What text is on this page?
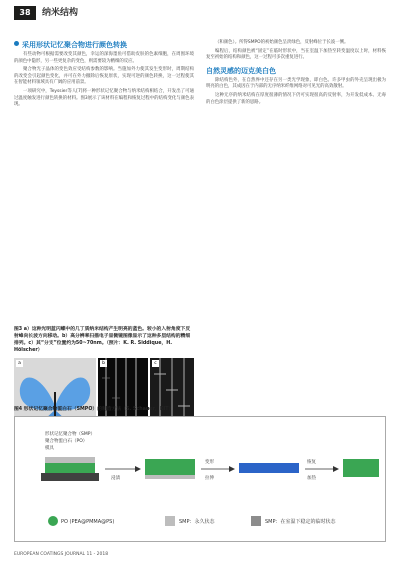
38	纳米结构
采用形状记忆聚合物进行颜色转换

有些动物可根据需要改变其颜色，幸运的深海墨鱼可借助皮肤的色素细胞，在周围环境的颜色中隐形，另一些更复杂的变色，则需要较为精细的反应。

聚合物光子晶体的变色效应受结构参数的影响。当施加外力使其发生变形时，周期结构的改变会引起颜色变化，并可在外力撤除后恢复原状，实现可逆的颜色转换，这一过程使其在智能材料领域具有广阔的应用前景。

一项研究中，Teyssier等人[7]将一种形状记忆聚合物与纳米结构相结合，开发出了可通过温度触发进行颜色转换的材料。图3展示了该材料在编程和恢复过程中的结构变化与颜色表现。

图3 a）这种光明蓝闪蝶中的几丁质纳米结构产生明亮的蓝色。较小的入射角度下反射峰向长波方向移动。b）高分辨率扫描电子显微镜图像显示了这种多层结构的精细排列。c）其“分支”位置约为50~70nm。（照片：K. R. Siddique，H. Hölscher）
a	b	c

（和颜色）。所得SMPO的初始颜色呈淡绿色，反射峰位于长波一侧。

编程后，结构颜色被“固定”在临时形状中，当在室温下加热至转变温度以上时，材料恢复至初始的结构和颜色，这一过程可多次重复进行。

自然灵感的迈克美白色

除结构色外，在自然界中还存在另一类光学现象，即白色。许多甲虫的外壳呈现出极为明亮的白色，其成因在于内部的无序纳米纤维网络对可见光的高效散射。

这种无序的纳米结构在厚度很薄的情况下仍可实现很高的反射率，为开发低成本、无毒的白色涂层提供了新的思路。

图4 形状记忆聚合物蛋白石（SMPO）的制造方法（S. Schauer，KIT）
形状记忆聚合物（SMP）
聚合物蛋白石（PO）
模具
浸渍
变形
拉伸
恢复
加热
PO (PEA@PMMA@PS)	SMP：永久状态	SMP：在室温下稳定的临时状态
EUROPEAN COATINGS JOURNAL 11 - 2018
